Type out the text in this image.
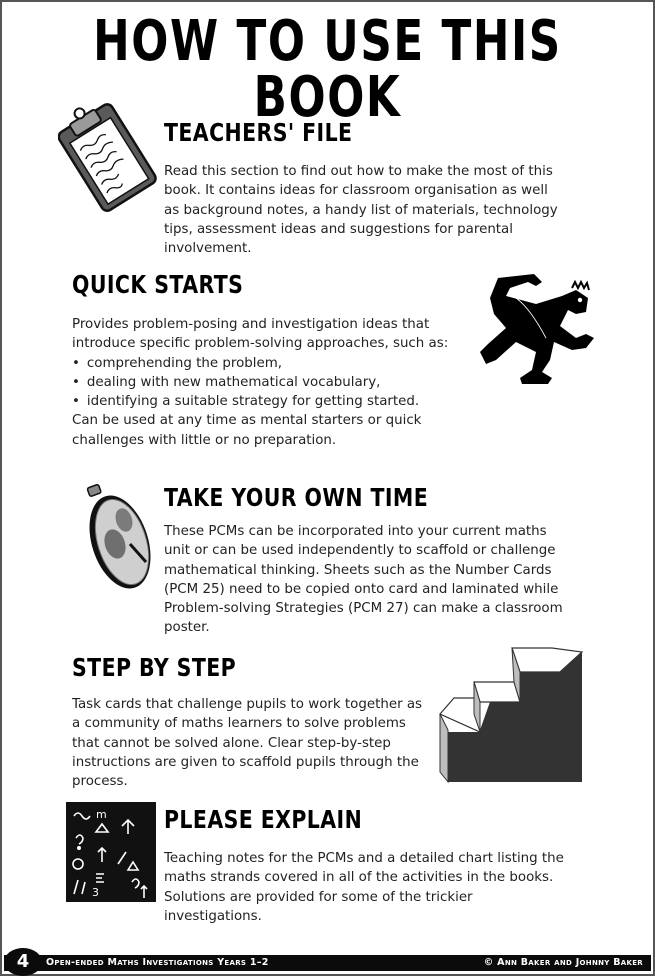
HOW TO USE THIS BOOK
TEACHERS' FILE

Read this section to find out how to make the most of this book. It contains ideas for classroom organisation as well as background notes, a handy list of materials, technology tips, assessment ideas and suggestions for parental involvement.

QUICK STARTS

Provides problem-posing and investigation ideas that introduce specific problem-solving approaches, such as:

• comprehending the problem,
• dealing with new mathematical vocabulary,
• identifying a suitable strategy for getting started.

Can be used at any time as mental starters or quick challenges with little or no preparation.

TAKE YOUR OWN TIME

These PCMs can be incorporated into your current maths unit or can be used independently to scaffold or challenge mathematical thinking. Sheets such as the Number Cards (PCM 25) need to be copied onto card and laminated while Problem-solving Strategies (PCM 27) can make a classroom poster.

STEP BY STEP

Task cards that challenge pupils to work together as a community of maths learners to solve problems that cannot be solved alone. Clear step-by-step instructions are given to scaffold pupils through the process.

m
3
PLEASE EXPLAIN

Teaching notes for the PCMs and a detailed chart listing the maths strands covered in all of the activities in the books. Solutions are provided for some of the trickier investigations.

Open-ended Maths Investigations Years 1–2	© Ann Baker and Johnny Baker
4
